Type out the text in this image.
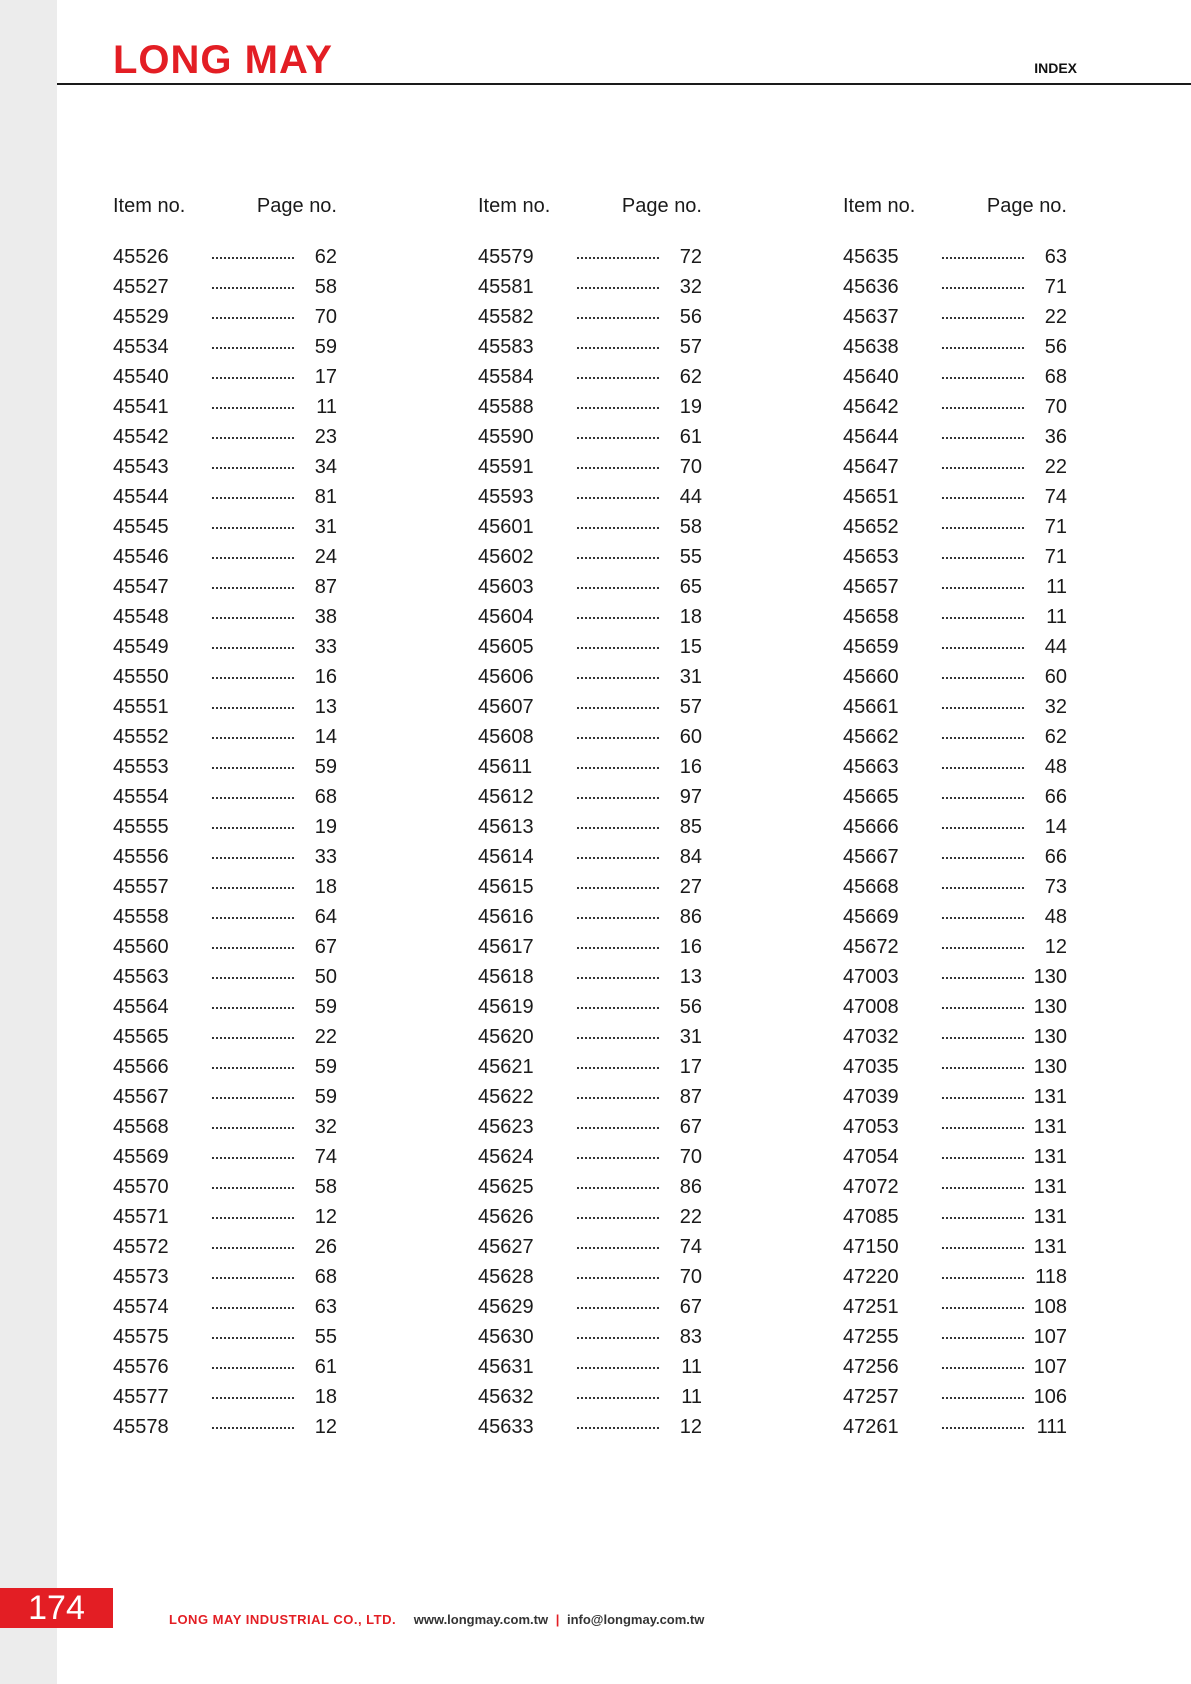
LONG MAY	INDEX
Item no.	Page no.
45526	62
45527	58
45529	70
45534	59
45540	17
45541	11
45542	23
45543	34
45544	81
45545	31
45546	24
45547	87
45548	38
45549	33
45550	16
45551	13
45552	14
45553	59
45554	68
45555	19
45556	33
45557	18
45558	64
45560	67
45563	50
45564	59
45565	22
45566	59
45567	59
45568	32
45569	74
45570	58
45571	12
45572	26
45573	68
45574	63
45575	55
45576	61
45577	18
45578	12
Item no.	Page no.
45579	72
45581	32
45582	56
45583	57
45584	62
45588	19
45590	61
45591	70
45593	44
45601	58
45602	55
45603	65
45604	18
45605	15
45606	31
45607	57
45608	60
45611	16
45612	97
45613	85
45614	84
45615	27
45616	86
45617	16
45618	13
45619	56
45620	31
45621	17
45622	87
45623	67
45624	70
45625	86
45626	22
45627	74
45628	70
45629	67
45630	83
45631	11
45632	11
45633	12
Item no.	Page no.
45635	63
45636	71
45637	22
45638	56
45640	68
45642	70
45644	36
45647	22
45651	74
45652	71
45653	71
45657	11
45658	11
45659	44
45660	60
45661	32
45662	62
45663	48
45665	66
45666	14
45667	66
45668	73
45669	48
45672	12
47003	130
47008	130
47032	130
47035	130
47039	131
47053	131
47054	131
47072	131
47085	131
47150	131
47220	118
47251	108
47255	107
47256	107
47257	106
47261	111
174	LONG MAY INDUSTRIAL CO., LTD. www.longmay.com.tw | info@longmay.com.tw
